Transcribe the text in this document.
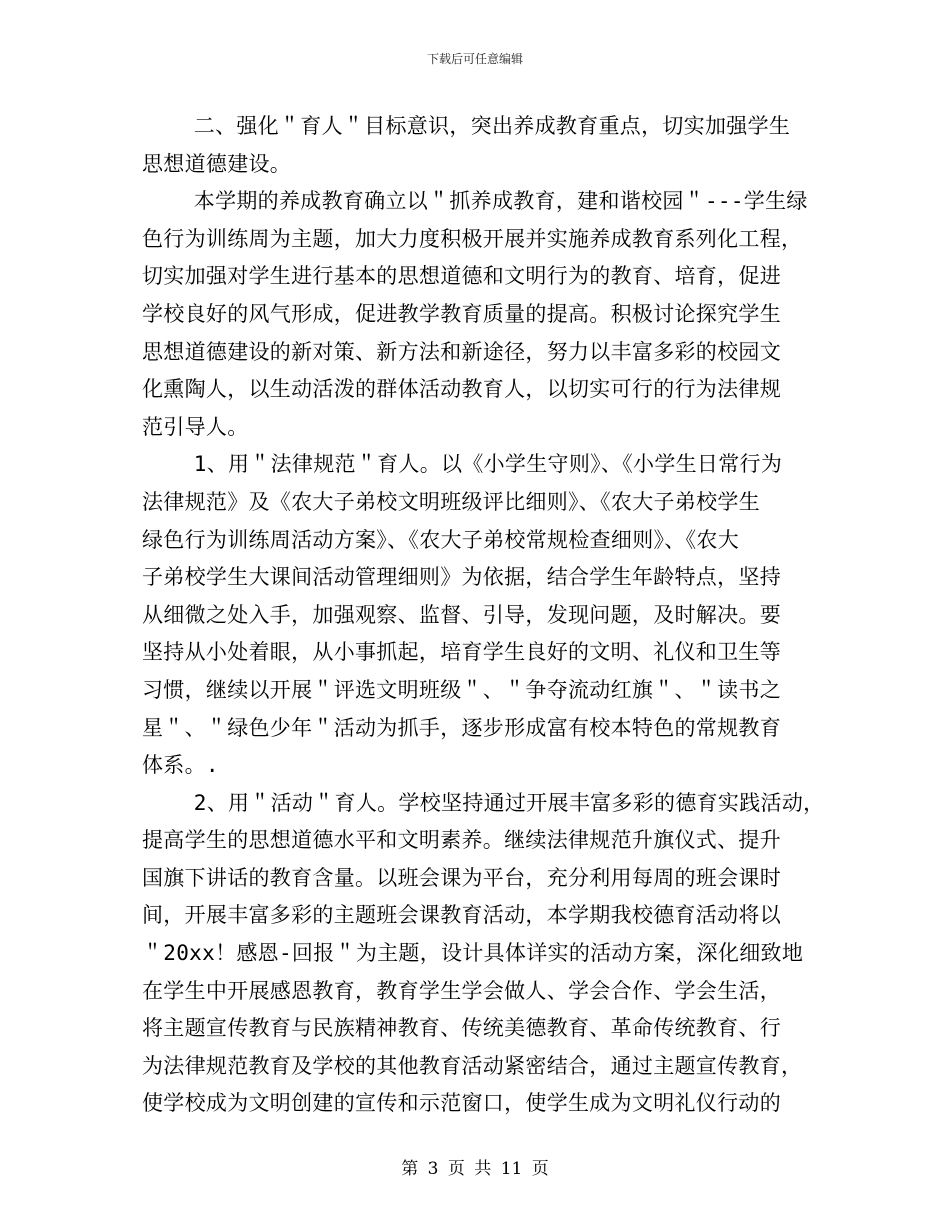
下载后可任意编辑
二、强化＂育人＂目标意识，突出养成教育重点，切实加强学生
思想道德建设。
本学期的养成教育确立以＂抓养成教育，建和谐校园＂---学生绿
色行为训练周为主题，加大力度积极开展并实施养成教育系列化工程，
切实加强对学生进行基本的思想道德和文明行为的教育、培育，促进
学校良好的风气形成，促进教学教育质量的提高。积极讨论探究学生
思想道德建设的新对策、新方法和新途径，努力以丰富多彩的校园文
化熏陶人，以生动活泼的群体活动教育人，以切实可行的行为法律规
范引导人。
1、用＂法律规范＂育人。以《小学生守则》、《小学生日常行为
法律规范》及《农大子弟校文明班级评比细则》、《农大子弟校学生
绿色行为训练周活动方案》、《农大子弟校常规检查细则》、《农大
子弟校学生大课间活动管理细则》为依据，结合学生年龄特点，坚持
从细微之处入手，加强观察、监督、引导，发现问题，及时解决。要
坚持从小处着眼，从小事抓起，培育学生良好的文明、礼仪和卫生等
习惯，继续以开展＂评选文明班级＂、＂争夺流动红旗＂、＂读书之
星＂、＂绿色少年＂活动为抓手，逐步形成富有校本特色的常规教育
体系。.
2、用＂活动＂育人。学校坚持通过开展丰富多彩的德育实践活动，
提高学生的思想道德水平和文明素养。继续法律规范升旗仪式、提升
国旗下讲话的教育含量。以班会课为平台，充分利用每周的班会课时
间，开展丰富多彩的主题班会课教育活动，本学期我校德育活动将以
＂20xx！感恩-回报＂为主题，设计具体详实的活动方案，深化细致地
在学生中开展感恩教育，教育学生学会做人、学会合作、学会生活，
将主题宣传教育与民族精神教育、传统美德教育、革命传统教育、行
为法律规范教育及学校的其他教育活动紧密结合，通过主题宣传教育，
使学校成为文明创建的宣传和示范窗口，使学生成为文明礼仪行动的
第 3 页 共 11 页
